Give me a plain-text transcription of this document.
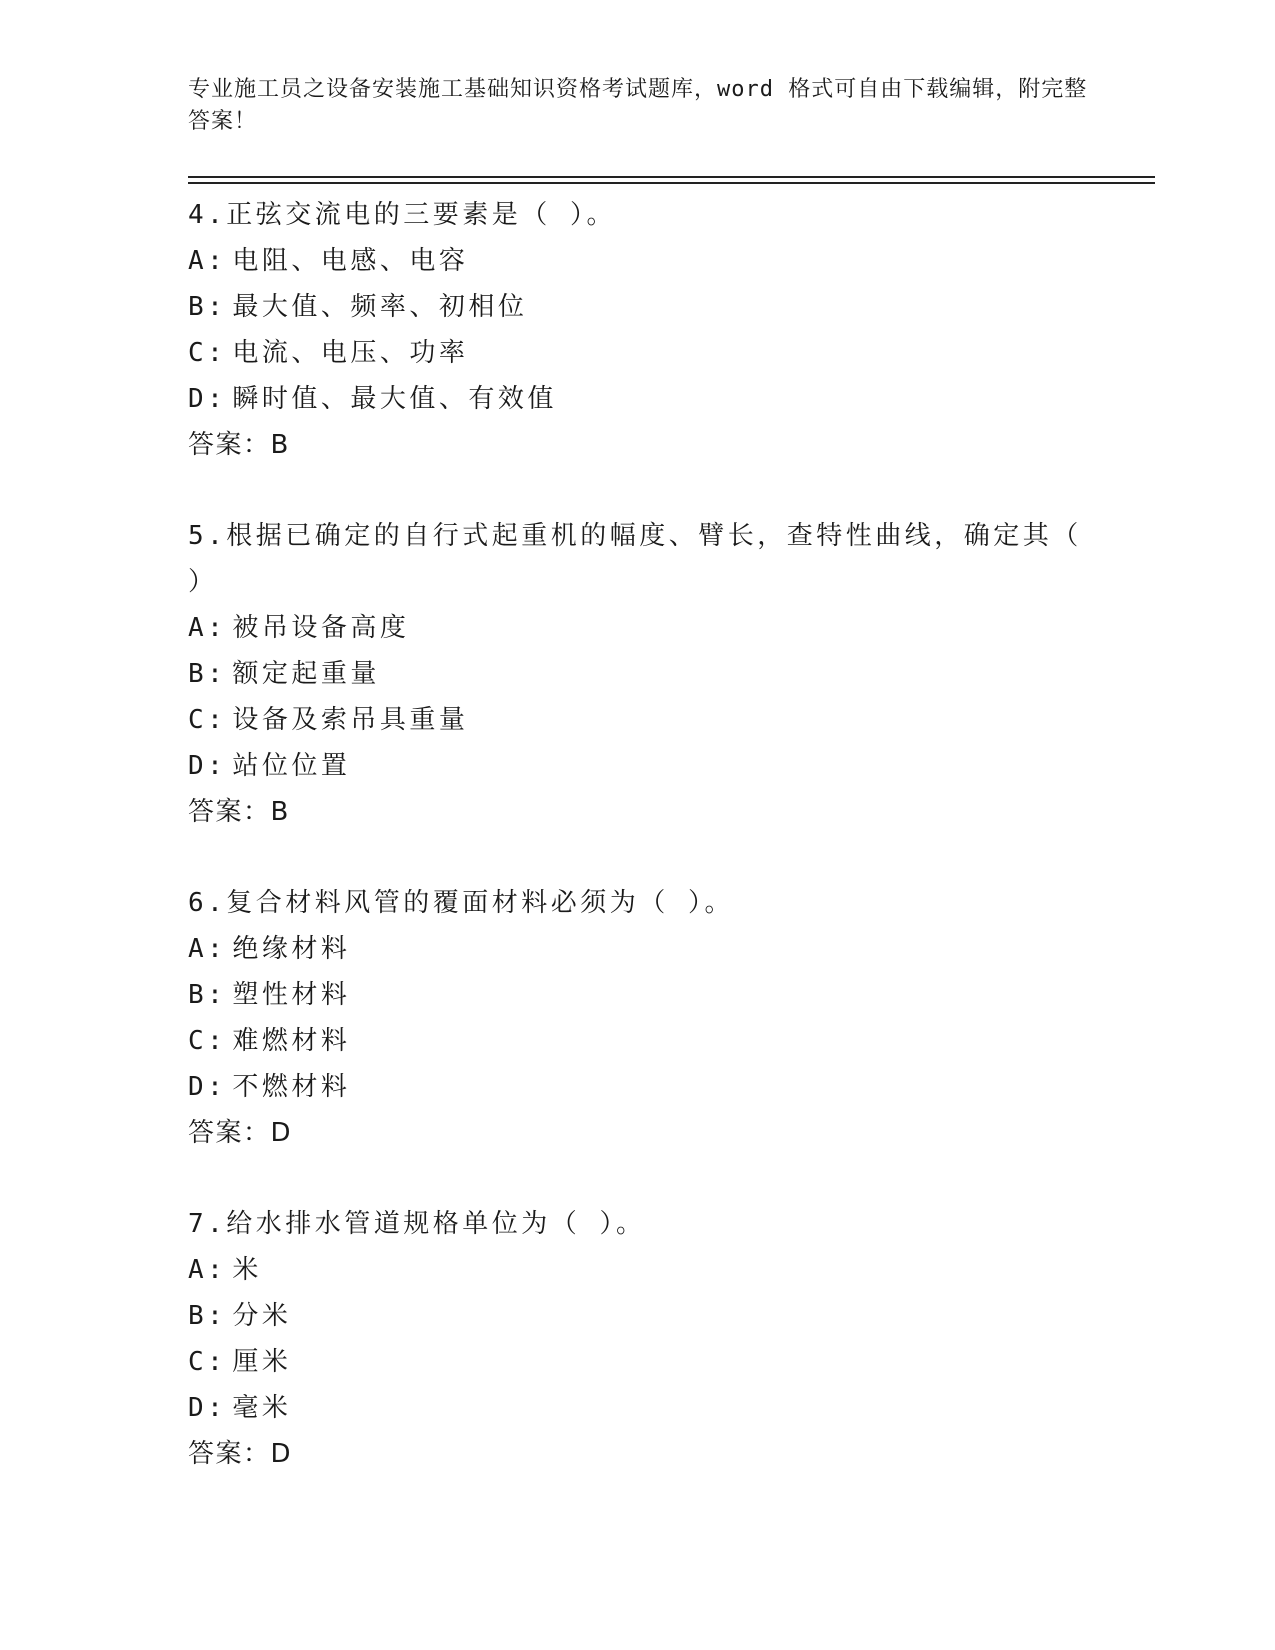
专业施工员之设备安装施工基础知识资格考试题库，word 格式可自由下载编辑，附完整答案！

4.正弦交流电的三要素是（ ）。

A: 电阻、电感、电容

B: 最大值、频率、初相位

C: 电流、电压、功率

D: 瞬时值、最大值、有效值

答案：B

5.根据已确定的自行式起重机的幅度、臂长，查特性曲线，确定其（ ）

A: 被吊设备高度

B: 额定起重量

C: 设备及索吊具重量

D: 站位位置

答案：B

6.复合材料风管的覆面材料必须为（ ）。

A: 绝缘材料

B: 塑性材料

C: 难燃材料

D: 不燃材料

答案：D

7.给水排水管道规格单位为（ ）。

A: 米

B: 分米

C: 厘米

D: 毫米

答案：D
